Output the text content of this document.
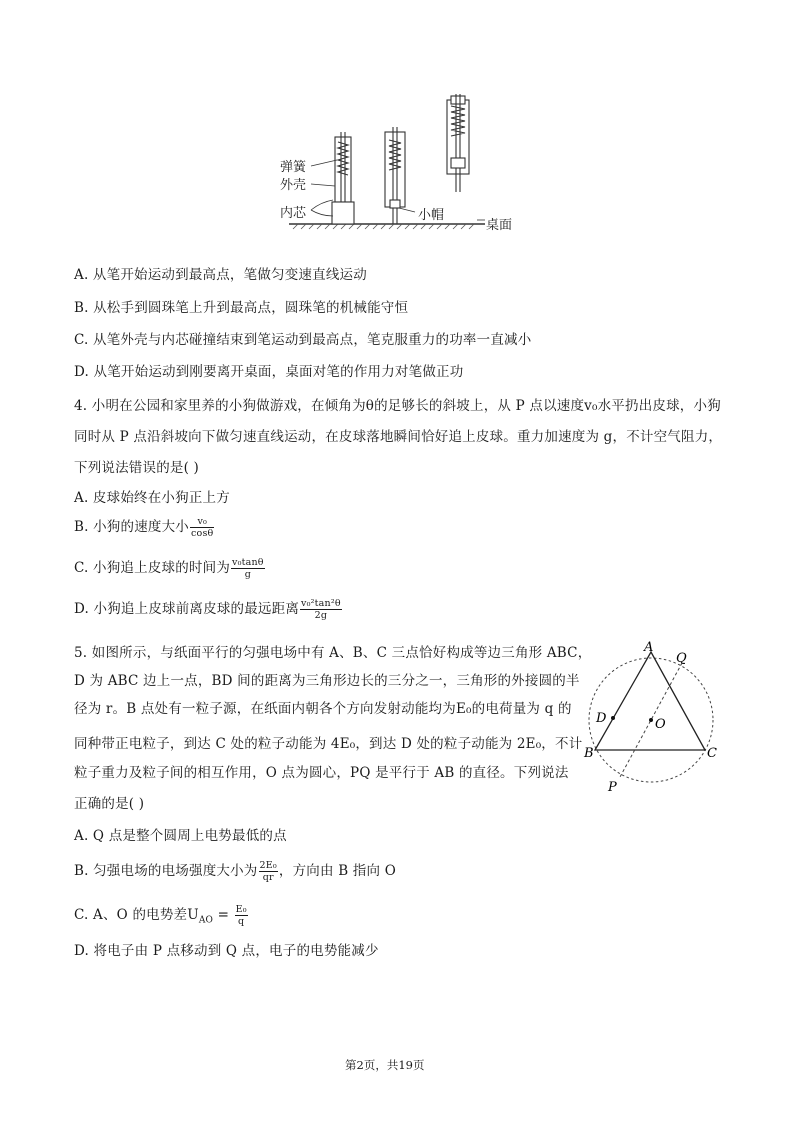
弹簧
外壳
内芯	小帽
桌面
A. 从笔开始运动到最高点，笔做匀变速直线运动
B. 从松手到圆珠笔上升到最高点，圆珠笔的机械能守恒
C. 从笔外壳与内芯碰撞结束到笔运动到最高点，笔克服重力的功率一直减小
D. 从笔开始运动到刚要离开桌面，桌面对笔的作用力对笔做正功
4. 小明在公园和家里养的小狗做游戏，在倾角为θ的足够长的斜坡上，从 P 点以速度v₀水平扔出皮球，小狗
同时从 P 点沿斜坡向下做匀速直线运动，在皮球落地瞬间恰好追上皮球。重力加速度为 g，不计空气阻力，
下列说法错误的是( )
A. 皮球始终在小狗正上方
B. 小狗的速度大小 $\frac{\text{v₀}}{\cos\theta}$
C. 小狗追上皮球的时间为 $\frac{\text{v₀tanθ}}{g}$
D. 小狗追上皮球前离皮球的最远距离 $\frac{\text{v₀²tan²θ}}{2g}$
5. 如图所示，与纸面平行的匀强电场中有 A、B、C 三点恰好构成等边三角形 ABC，
D 为 ABC 边上一点，BD 间的距离为三角形边长的三分之一，三角形的外接圆的半
径为 r。B 点处有一粒子源，在纸面内朝各个方向发射动能均为E₀的电荷量为 q 的
同种带正电粒子，到达 C 处的粒子动能为 4E₀，到达 D 处的粒子动能为 2E₀，不计
粒子重力及粒子间的相互作用，O 点为圆心，PQ 是平行于 AB 的直径。下列说法
正确的是( )
A
B	C
D	O
P
Q
A. Q 点是整个圆周上电势最低的点
B. 匀强电场的电场强度大小为 $\frac{\text{2E₀}}{qr}$ ，方向由 B 指向 O
C. A、O 的电势差$U_{AO} = \frac{\text{E₀}}{q}$
D. 将电子由 P 点移动到 Q 点，电子的电势能减少
第2页，共19页
